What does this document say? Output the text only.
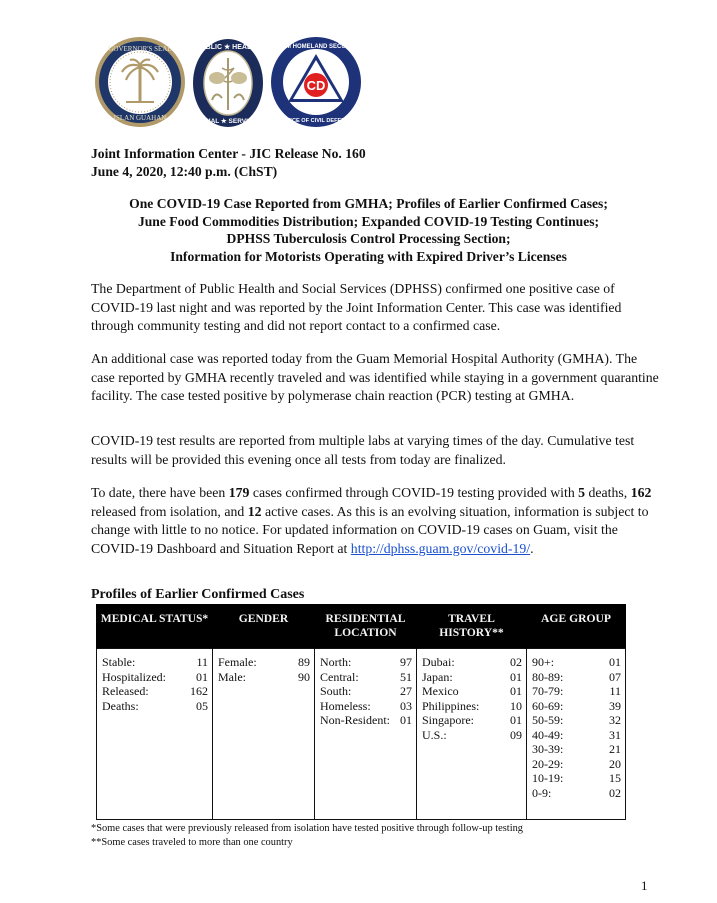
GOVERNOR'S SEAL
ISLAN GUAHAN
PUBLIC ★ HEALTH
SOCIAL ★ SERVICES
CD
GUAM HOMELAND SECURITY
OFFICE OF CIVIL DEFENSE
Joint Information Center - JIC Release No. 160
June 4, 2020, 12:40 p.m. (ChST)
One COVID-19 Case Reported from GMHA; Profiles of Earlier Confirmed Cases;
June Food Commodities Distribution; Expanded COVID-19 Testing Continues;
DPHSS Tuberculosis Control Processing Section;
Information for Motorists Operating with Expired Driver’s Licenses

The Department of Public Health and Social Services (DPHSS) confirmed one positive case of COVID-19 last night and was reported by the Joint Information Center. This case was identified through community testing and did not report contact to a confirmed case.

An additional case was reported today from the Guam Memorial Hospital Authority (GMHA). The case reported by GMHA recently traveled and was identified while staying in a government quarantine facility. The case tested positive by polymerase chain reaction (PCR) testing at GMHA.

COVID-19 test results are reported from multiple labs at varying times of the day. Cumulative test results will be provided this evening once all tests from today are finalized.

To date, there have been 179 cases confirmed through COVID-19 testing provided with 5 deaths, 162 released from isolation, and 12 active cases. As this is an evolving situation, information is subject to change with little to no notice. For updated information on COVID-19 cases on Guam, visit the COVID-19 Dashboard and Situation Report at http://dphss.guam.gov/covid-19/.

Profiles of Earlier Confirmed Cases
MEDICAL STATUS*	GENDER	RESIDENTIAL LOCATION	TRAVEL HISTORY**	AGE GROUP

Stable:	11
Hospitalized:	01
Released:	162
Deaths:	05

Female:	89
Male:	90

North:	97
Central:	51
South:	27
Homeless: 03
Non-Resident: 01

Dubai:	02
Japan:	01
Mexico	01
Philippines:	10
Singapore:	01
U.S.:	09

90+:	01
80-89:	07
70-79:	11
60-69:	39
50-59:	32
40-49:	31
30-39:	21
20-29:	20
10-19:	15
0-9:	02
*Some cases that were previously released from isolation have tested positive through follow-up testing
**Some cases traveled to more than one country
1
